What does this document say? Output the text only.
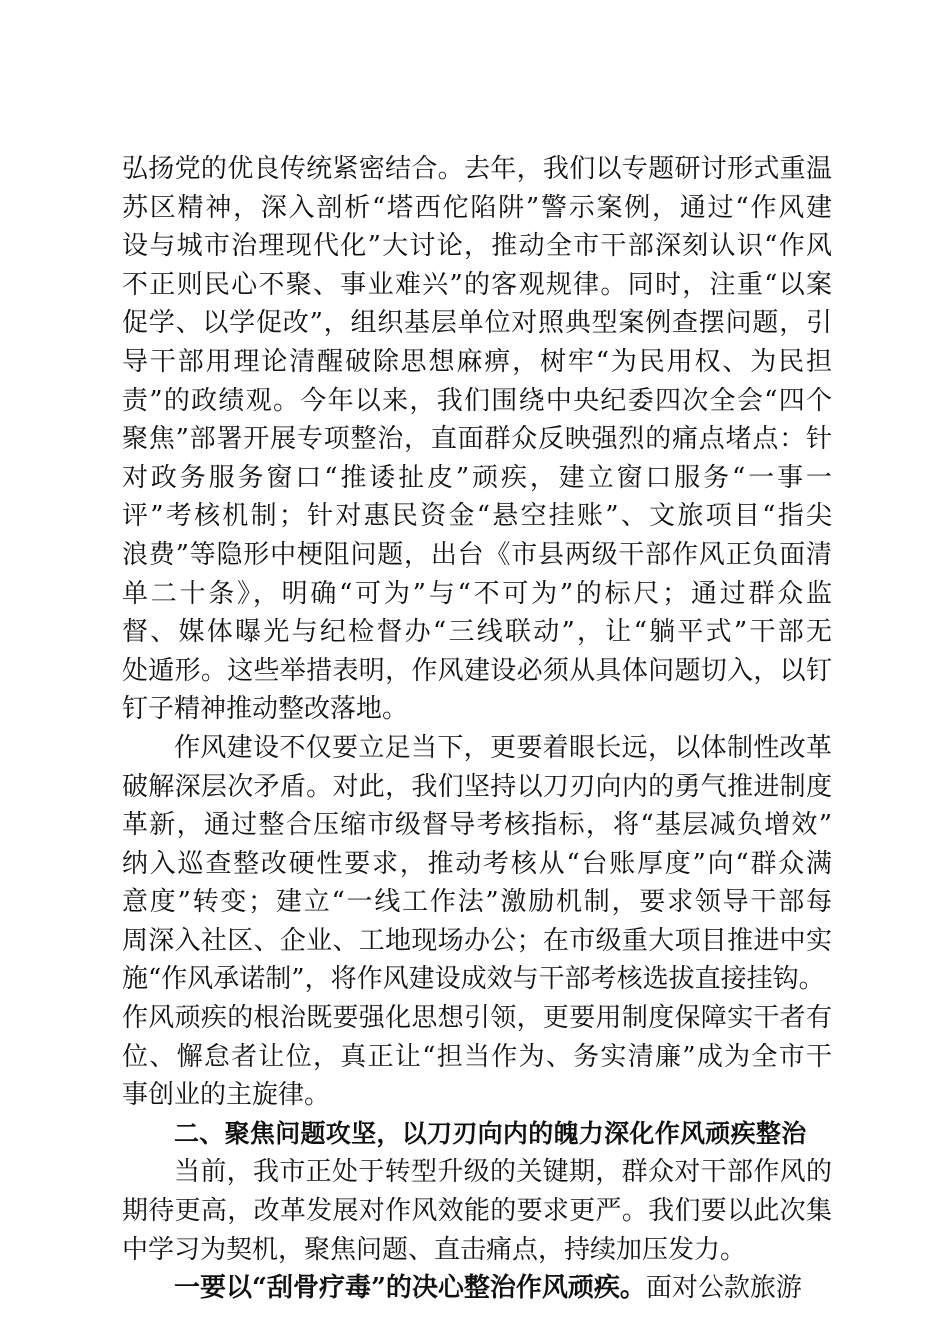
弘扬党的优良传统紧密结合。去年，我们以专题研讨形式重温
苏区精神，深入剖析“塔西佗陷阱”警示案例，通过“作风建
设与城市治理现代化”大讨论，推动全市干部深刻认识“作风
不正则民心不聚、事业难兴”的客观规律。同时，注重“以案
促学、以学促改”，组织基层单位对照典型案例查摆问题，引
导干部用理论清醒破除思想麻痹，树牢“为民用权、为民担
责”的政绩观。今年以来，我们围绕中央纪委四次全会“四个
聚焦”部署开展专项整治，直面群众反映强烈的痛点堵点：针
对政务服务窗口“推诿扯皮”顽疾，建立窗口服务“一事一
评”考核机制；针对惠民资金“悬空挂账”、文旅项目“指尖
浪费”等隐形中梗阻问题，出台《市县两级干部作风正负面清
单二十条》，明确“可为”与“不可为”的标尺；通过群众监
督、媒体曝光与纪检督办“三线联动”，让“躺平式”干部无
处遁形。这些举措表明，作风建设必须从具体问题切入，以钉
钉子精神推动整改落地。
作风建设不仅要立足当下，更要着眼长远，以体制性改革
破解深层次矛盾。对此，我们坚持以刀刃向内的勇气推进制度
革新，通过整合压缩市级督导考核指标，将“基层减负增效”
纳入巡查整改硬性要求，推动考核从“台账厚度”向“群众满
意度”转变；建立“一线工作法”激励机制，要求领导干部每
周深入社区、企业、工地现场办公；在市级重大项目推进中实
施“作风承诺制”，将作风建设成效与干部考核选拔直接挂钩。
作风顽疾的根治既要强化思想引领，更要用制度保障实干者有
位、懈怠者让位，真正让“担当作为、务实清廉”成为全市干
事创业的主旋律。
二、聚焦问题攻坚，以刀刃向内的魄力深化作风顽疾整治
当前，我市正处于转型升级的关键期，群众对干部作风的
期待更高，改革发展对作风效能的要求更严。我们要以此次集
中学习为契机，聚焦问题、直击痛点，持续加压发力。
一要以“刮骨疗毒”的决心整治作风顽疾。面对公款旅游
